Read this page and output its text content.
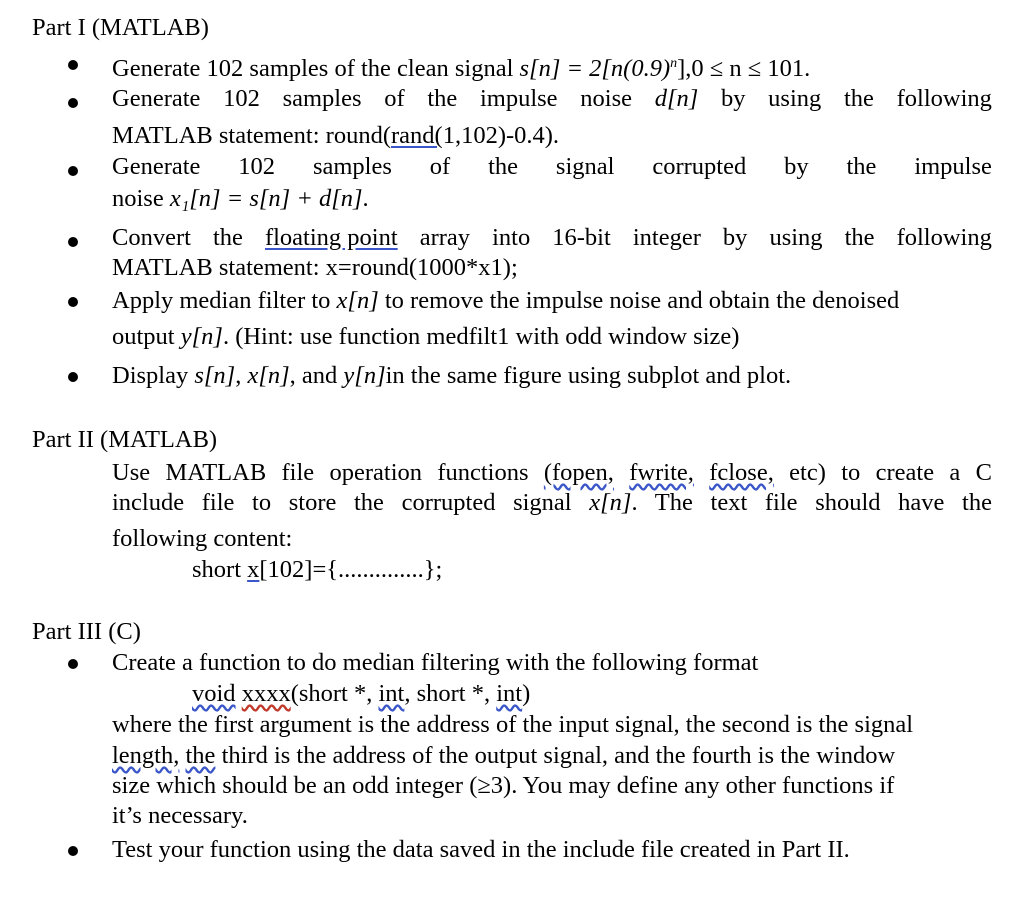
Part I (MATLAB)
Generate 102 samples of the clean signal $s[n] = 2[n(0.9)^n],0 \le n \le 101$.
Generate 102 samples of the impulse noise d[n] by using the following
MATLAB statement: round(rand(1,102)-0.4).
Generate 102 samples of the signal corrupted by the impulse
noise x₁[n] = s[n] + d[n].
Convert the floating point array into 16-bit integer by using the following
MATLAB statement: x=round(1000*x1);
Apply median filter to x[n] to remove the impulse noise and obtain the denoised
output y[n]. (Hint: use function medfilt1 with odd window size)
Display s[n], x[n], and y[n]in the same figure using subplot and plot.
Part II (MATLAB)
Use MATLAB file operation functions (fopen, fwrite, fclose, etc) to create a C
include file to store the corrupted signal x[n]. The text file should have the
following content:
short x[102]={..............};
Part III (C)
Create a function to do median filtering with the following format
void xxxx(short *, int, short *, int)
where the first argument is the address of the input signal, the second is the signal
length, the third is the address of the output signal, and the fourth is the window
size which should be an odd integer (≥3). You may define any other functions if
it’s necessary.
Test your function using the data saved in the include file created in Part II.
